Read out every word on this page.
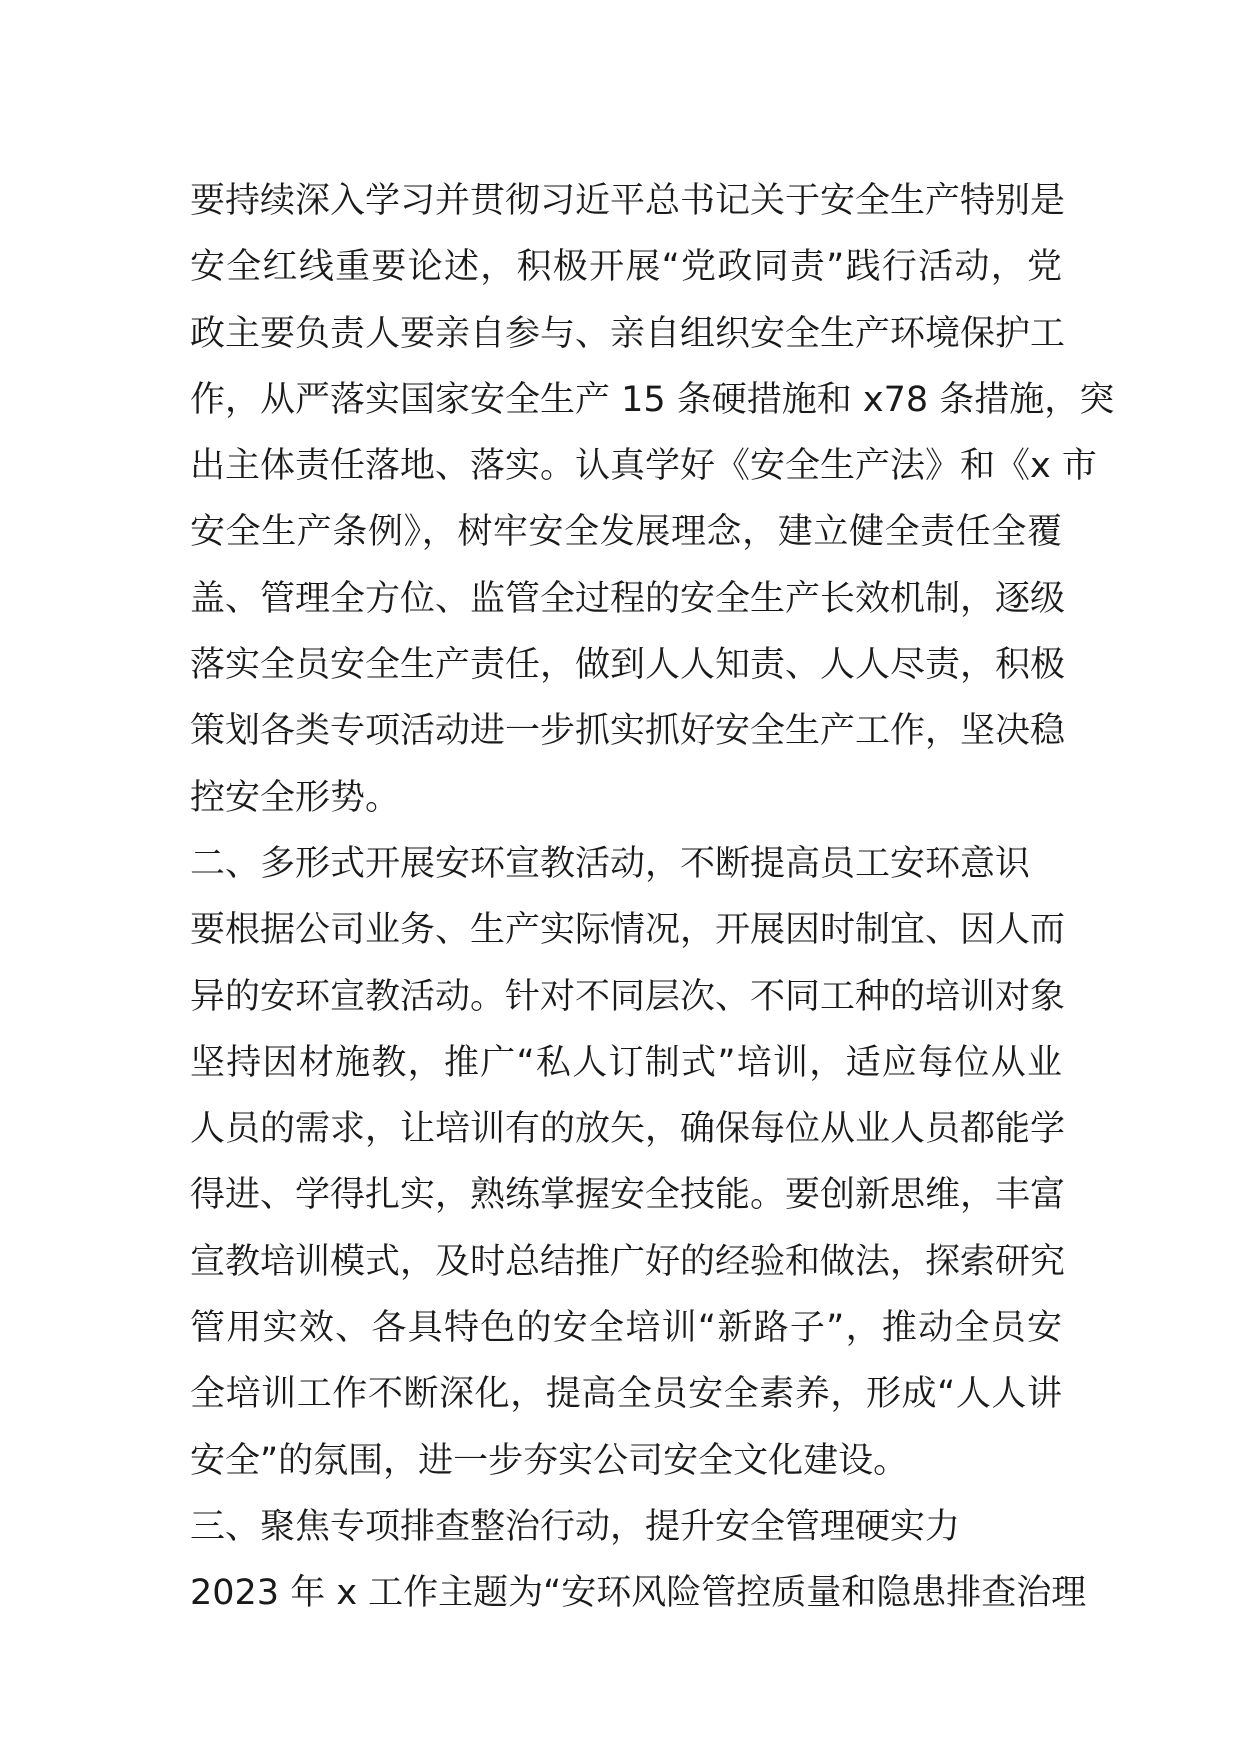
要持续深入学习并贯彻习近平总书记关于安全生产特别是
安全红线重要论述，积极开展“党政同责”践行活动，党
政主要负责人要亲自参与、亲自组织安全生产环境保护工
作，从严落实国家安全生产 15 条硬措施和 x78 条措施，突
出主体责任落地、落实。认真学好《安全生产法》和《x 市
安全生产条例》，树牢安全发展理念，建立健全责任全覆
盖、管理全方位、监管全过程的安全生产长效机制，逐级
落实全员安全生产责任，做到人人知责、人人尽责，积极
策划各类专项活动进一步抓实抓好安全生产工作，坚决稳
控安全形势。
二、多形式开展安环宣教活动，不断提高员工安环意识
要根据公司业务、生产实际情况，开展因时制宜、因人而
异的安环宣教活动。针对不同层次、不同工种的培训对象
坚持因材施教，推广“私人订制式”培训，适应每位从业
人员的需求，让培训有的放矢，确保每位从业人员都能学
得进、学得扎实，熟练掌握安全技能。要创新思维，丰富
宣教培训模式，及时总结推广好的经验和做法，探索研究
管用实效、各具特色的安全培训“新路子”，推动全员安
全培训工作不断深化，提高全员安全素养，形成“人人讲
安全”的氛围，进一步夯实公司安全文化建设。
三、聚焦专项排查整治行动，提升安全管理硬实力
2023 年 x 工作主题为“安环风险管控质量和隐患排查治理
